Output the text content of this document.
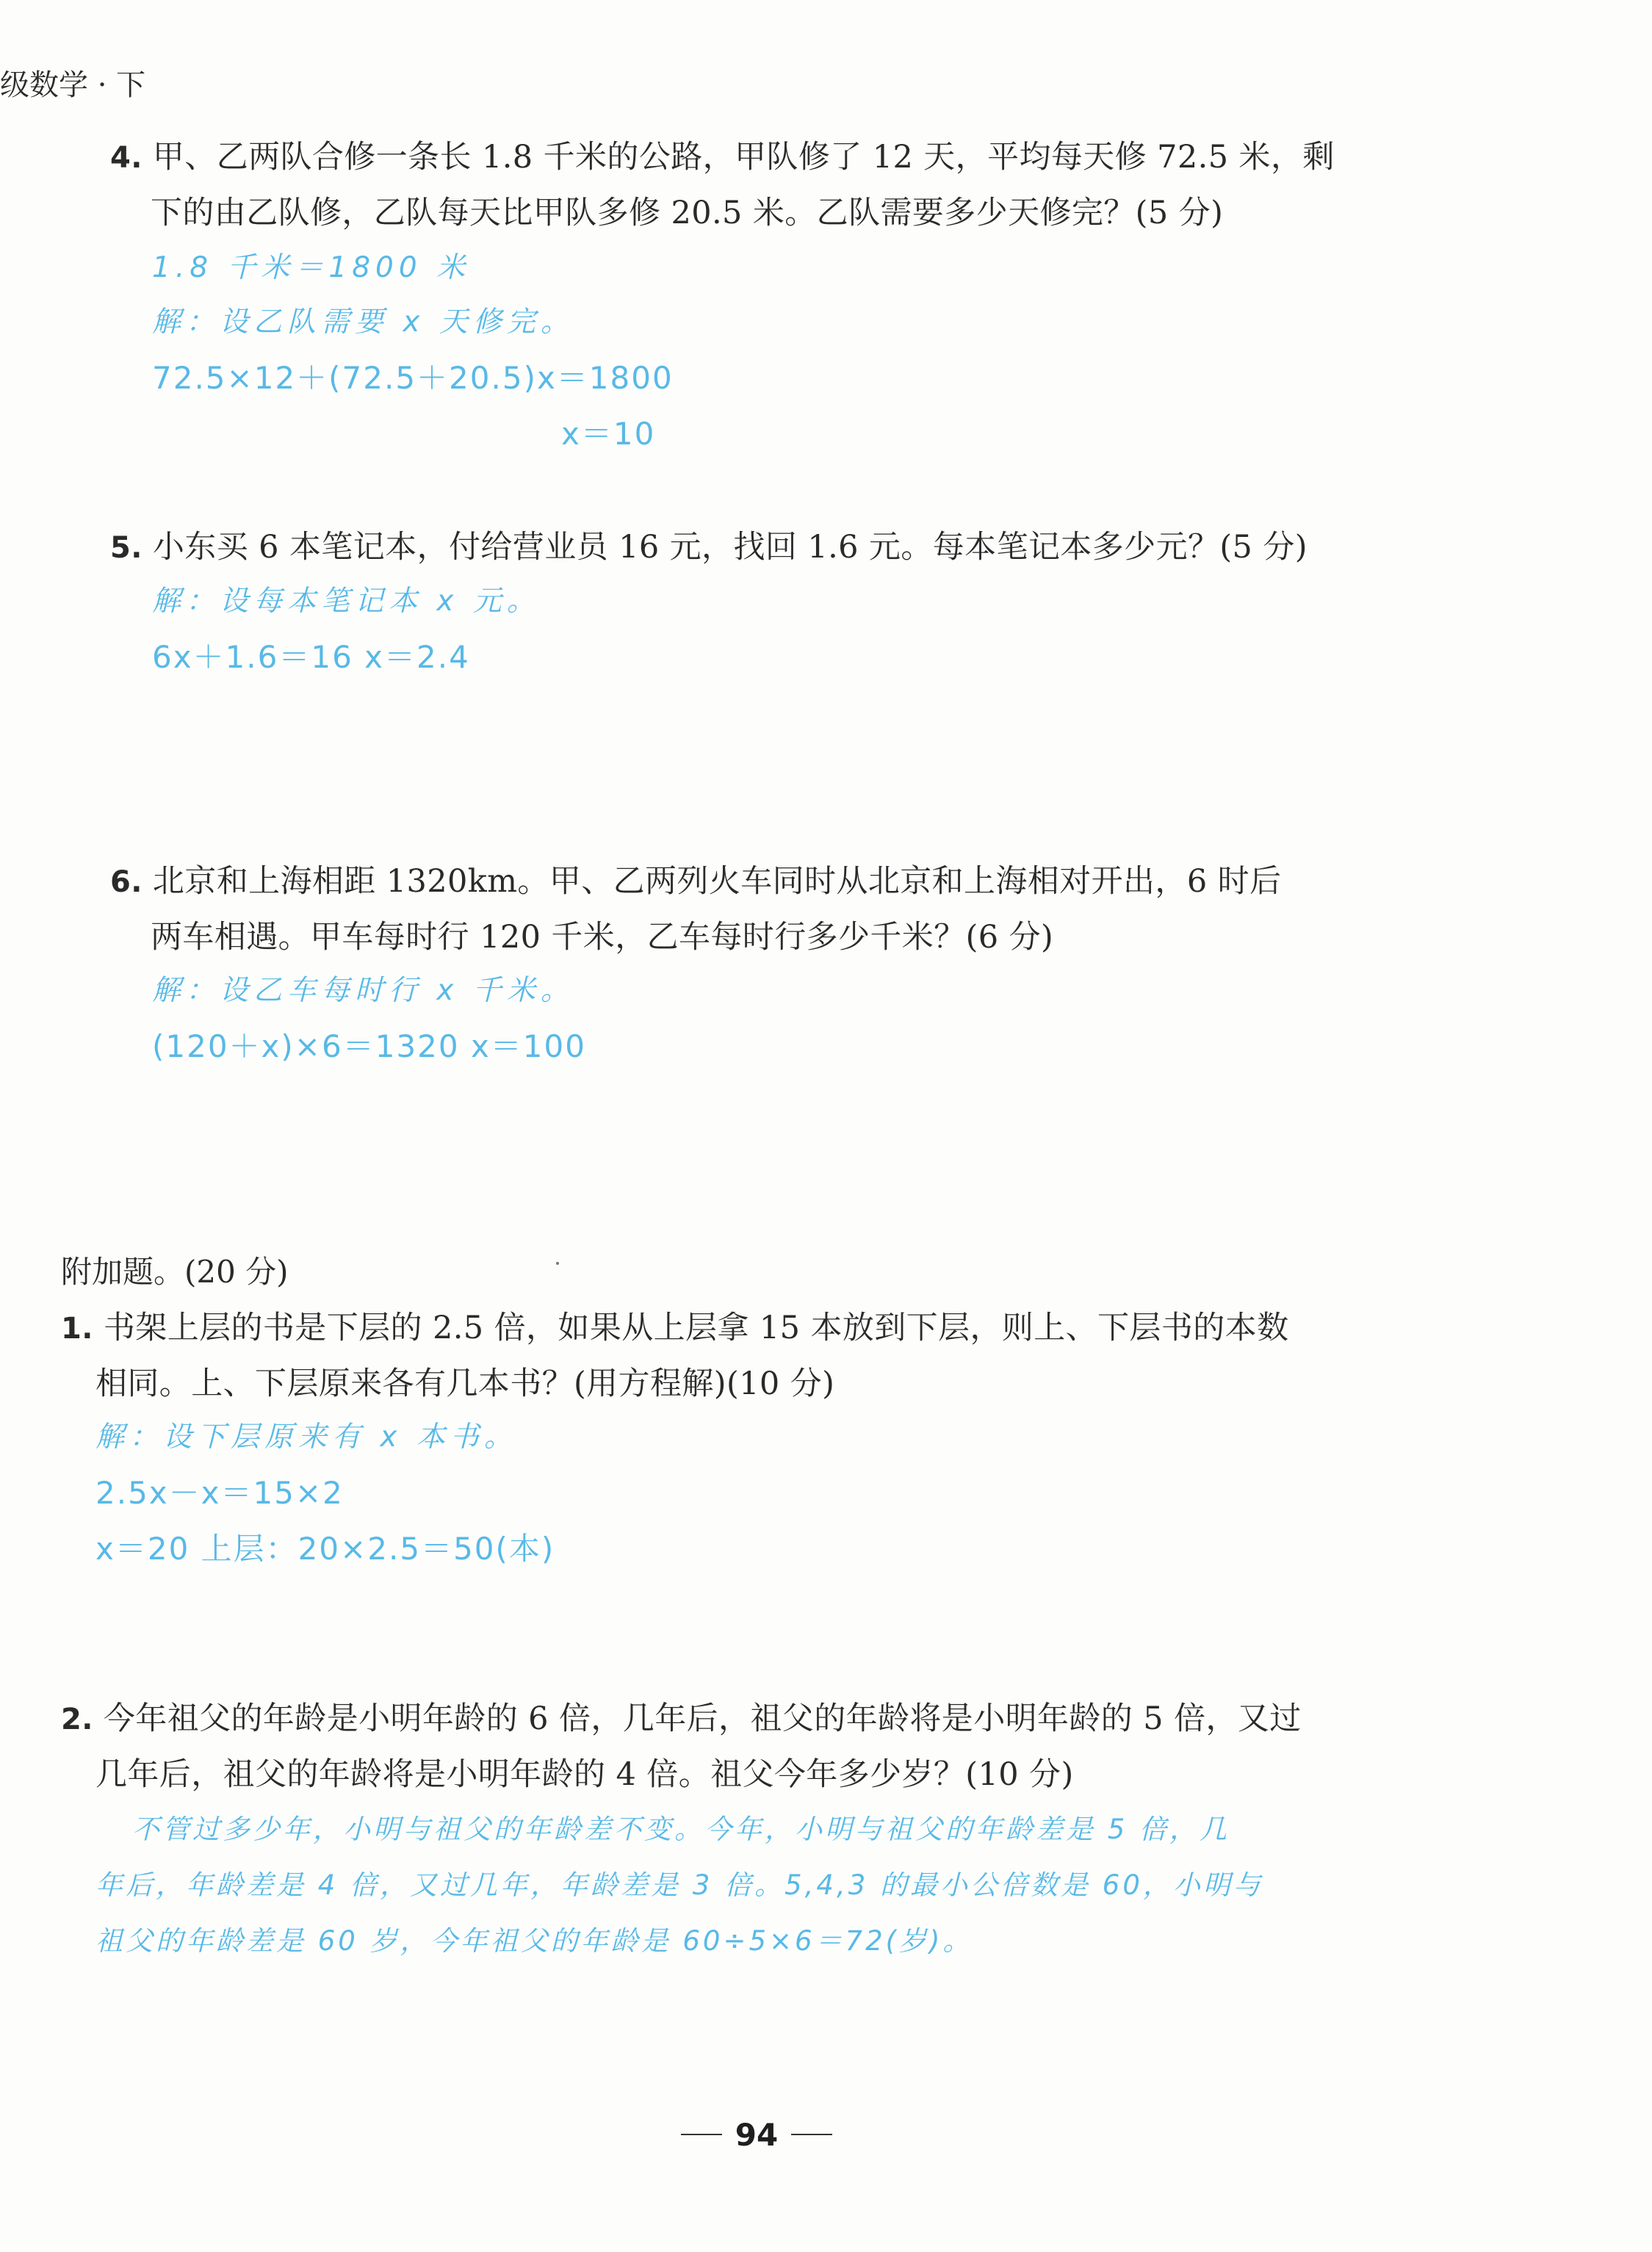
级数学 · 下
4. 甲、乙两队合修一条长 1.8 千米的公路，甲队修了 12 天，平均每天修 72.5 米，剩
下的由乙队修，乙队每天比甲队多修 20.5 米。乙队需要多少天修完？(5 分)
1.8 千米＝1800 米
解：设乙队需要 x 天修完。
72.5×12＋(72.5＋20.5)x＝1800
x＝10
5. 小东买 6 本笔记本，付给营业员 16 元，找回 1.6 元。每本笔记本多少元？(5 分)
解：设每本笔记本 x 元。
6x＋1.6＝16 x＝2.4
6. 北京和上海相距 1320km。甲、乙两列火车同时从北京和上海相对开出，6 时后
两车相遇。甲车每时行 120 千米，乙车每时行多少千米？(6 分)
解：设乙车每时行 x 千米。
(120＋x)×6＝1320 x＝100
附加题。(20 分)
1. 书架上层的书是下层的 2.5 倍，如果从上层拿 15 本放到下层，则上、下层书的本数
相同。上、下层原来各有几本书？(用方程解)(10 分)
解：设下层原来有 x 本书。
2.5x－x＝15×2
x＝20 上层：20×2.5＝50(本)
2. 今年祖父的年龄是小明年龄的 6 倍，几年后，祖父的年龄将是小明年龄的 5 倍，又过
几年后，祖父的年龄将是小明年龄的 4 倍。祖父今年多少岁？(10 分)
不管过多少年，小明与祖父的年龄差不变。今年，小明与祖父的年龄差是 5 倍，几
年后，年龄差是 4 倍，又过几年，年龄差是 3 倍。5,4,3 的最小公倍数是 60，小明与
祖父的年龄差是 60 岁，今年祖父的年龄是 60÷5×6＝72(岁)。
94
